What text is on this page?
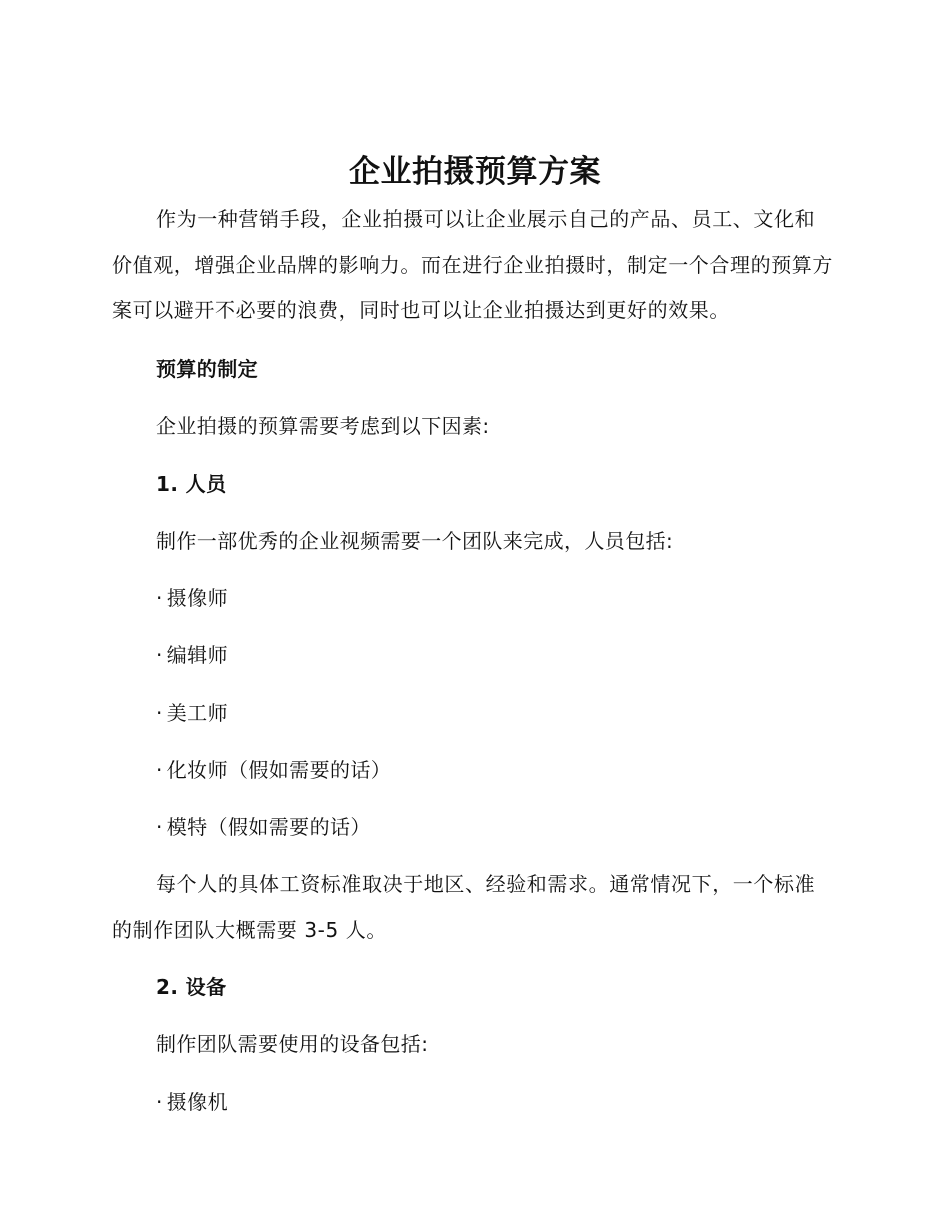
企业拍摄预算方案

作为一种营销手段，企业拍摄可以让企业展示自己的产品、员工、文化和价值观，增强企业品牌的影响力。而在进行企业拍摄时，制定一个合理的预算方案可以避开不必要的浪费，同时也可以让企业拍摄达到更好的效果。

预算的制定
企业拍摄的预算需要考虑到以下因素:
1. 人员
制作一部优秀的企业视频需要一个团队来完成，人员包括:
· 摄像师
· 编辑师
· 美工师
· 化妆师（假如需要的话）
· 模特（假如需要的话）

每个人的具体工资标准取决于地区、经验和需求。通常情况下，一个标准的制作团队大概需要 3-5 人。

2. 设备
制作团队需要使用的设备包括:
· 摄像机
